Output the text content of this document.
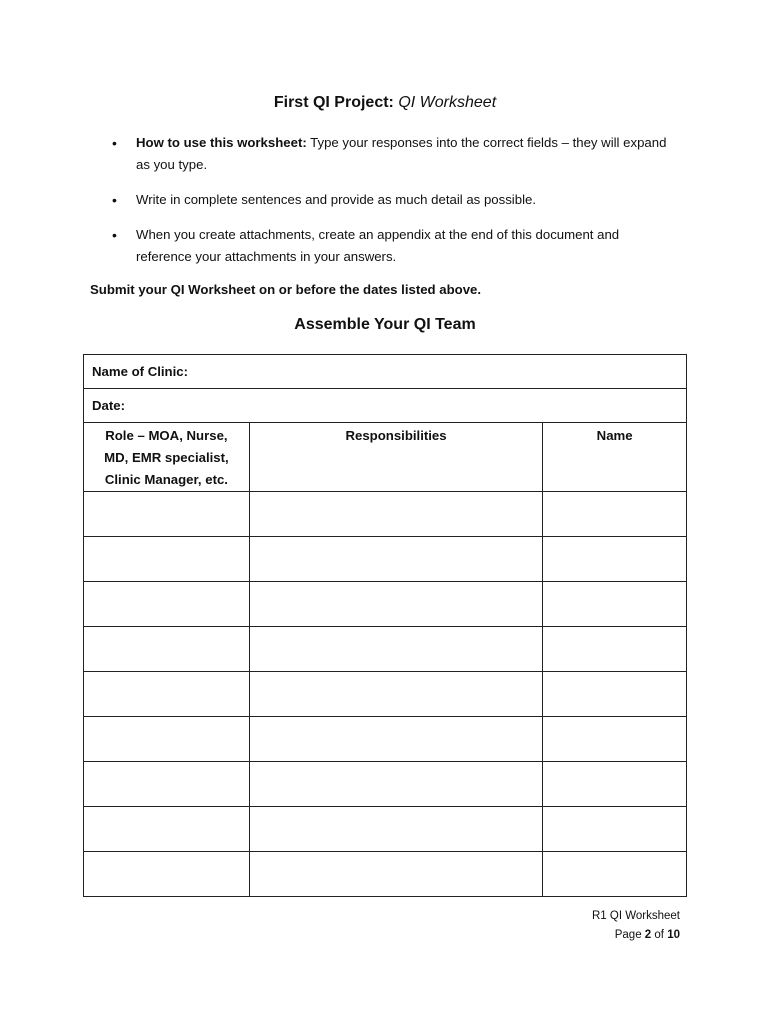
First QI Project: QI Worksheet
• How to use this worksheet: Type your responses into the correct fields – they will expand as you type.
• Write in complete sentences and provide as much detail as possible.
• When you create attachments, create an appendix at the end of this document and reference your attachments in your answers.
Submit your QI Worksheet on or before the dates listed above.
Assemble Your QI Team
Name of Clinic:		
Date:		
Role – MOA, Nurse, MD, EMR specialist, Clinic Manager, etc.	Responsibilities	Name

R1 QI Worksheet
Page 2 of 10
